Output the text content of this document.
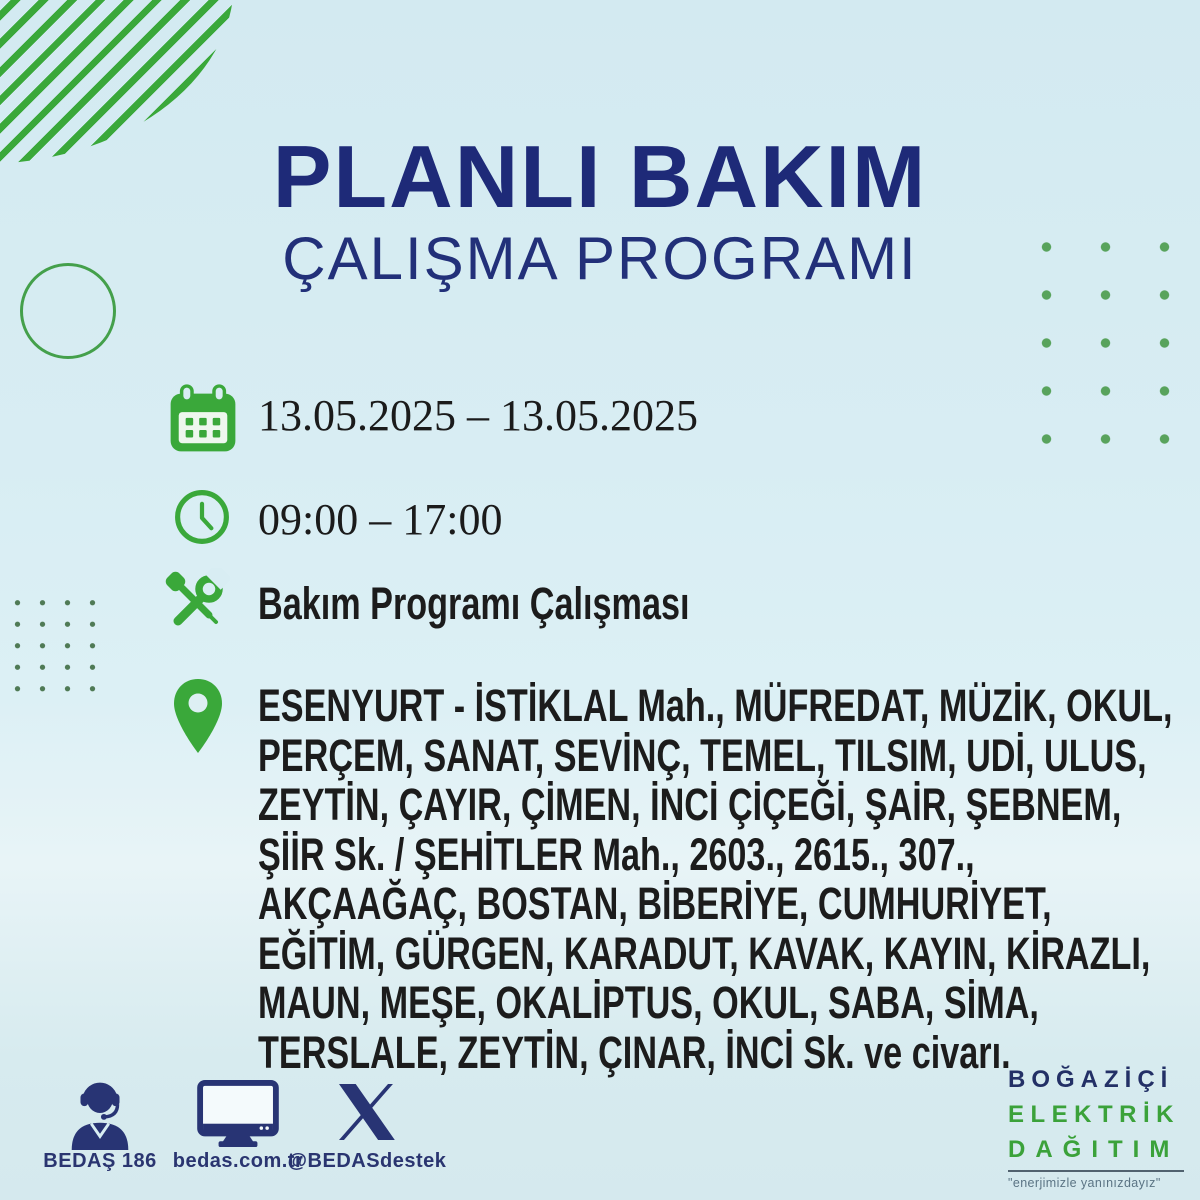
PLANLI BAKIM
ÇALIŞMA PROGRAMI
13.05.2025 – 13.05.2025
09:00 – 17:00
Bakım Programı Çalışması
ESENYURT - İSTİKLAL Mah., MÜFREDAT, MÜZİK, OKUL,
PERÇEM, SANAT, SEVİNÇ, TEMEL, TILSIM, UDİ, ULUS,
ZEYTİN, ÇAYIR, ÇİMEN, İNCİ ÇİÇEĞİ, ŞAİR, ŞEBNEM,
ŞİİR Sk. / ŞEHİTLER Mah., 2603., 2615., 307.,
AKÇAAĞAÇ, BOSTAN, BİBERİYE, CUMHURİYET,
EĞİTİM, GÜRGEN, KARADUT, KAVAK, KAYIN, KİRAZLI,
MAUN, MEŞE, OKALİPTUS, OKUL, SABA, SİMA,
TERSLALE, ZEYTİN, ÇINAR, İNCİ Sk. ve civarı.
BEDAŞ 186 bedas.com.tr
@BEDASdestek
BOĞAZİÇİ
ELEKTRİK
DAĞITIM
"enerjimizle yanınızdayız"
